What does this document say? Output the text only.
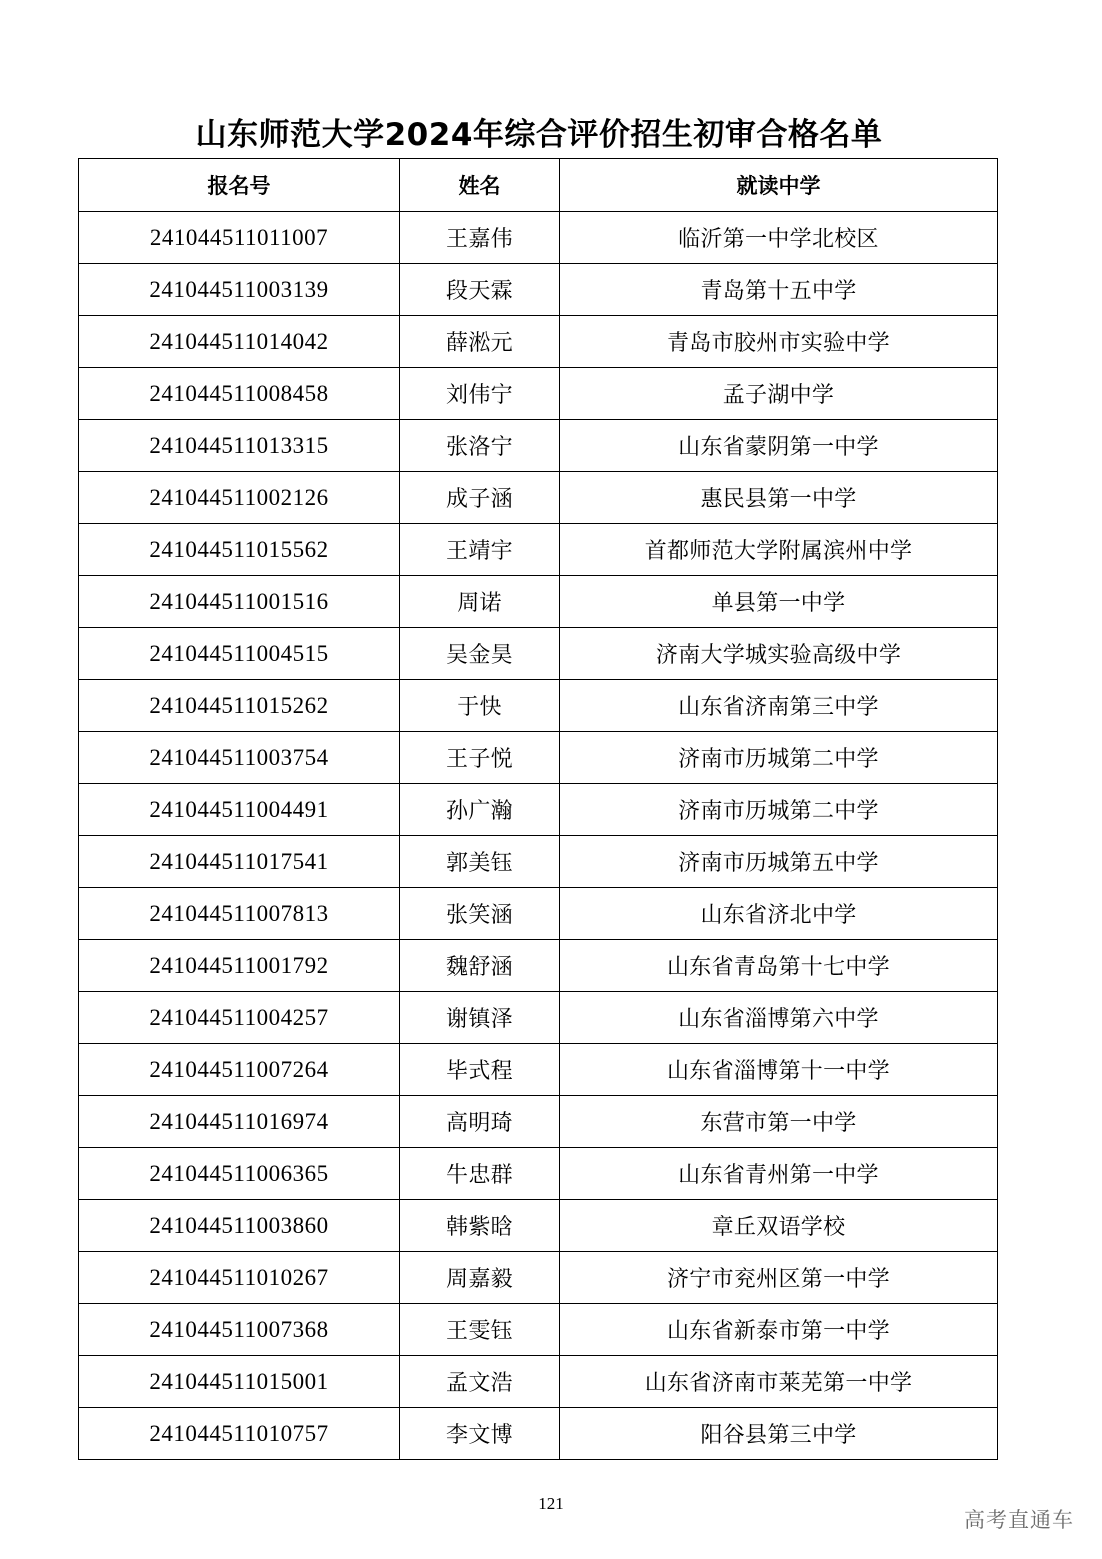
山东师范大学2024年综合评价招生初审合格名单
报名号	姓名	就读中学
241044511011007	王嘉伟	临沂第一中学北校区
241044511003139	段天霖	青岛第十五中学
241044511014042	薛淞元	青岛市胶州市实验中学
241044511008458	刘伟宁	孟子湖中学
241044511013315	张洛宁	山东省蒙阴第一中学
241044511002126	成子涵	惠民县第一中学
241044511015562	王靖宇	首都师范大学附属滨州中学
241044511001516	周诺	单县第一中学
241044511004515	吴金昊	济南大学城实验高级中学
241044511015262	于快	山东省济南第三中学
241044511003754	王子悦	济南市历城第二中学
241044511004491	孙广瀚	济南市历城第二中学
241044511017541	郭美钰	济南市历城第五中学
241044511007813	张笑涵	山东省济北中学
241044511001792	魏舒涵	山东省青岛第十七中学
241044511004257	谢镇泽	山东省淄博第六中学
241044511007264	毕式程	山东省淄博第十一中学
241044511016974	高明琦	东营市第一中学
241044511006365	牛忠群	山东省青州第一中学
241044511003860	韩紫晗	章丘双语学校
241044511010267	周嘉毅	济宁市兖州区第一中学
241044511007368	王雯钰	山东省新泰市第一中学
241044511015001	孟文浩	山东省济南市莱芜第一中学
241044511010757	李文博	阳谷县第三中学
121
高考直通车
